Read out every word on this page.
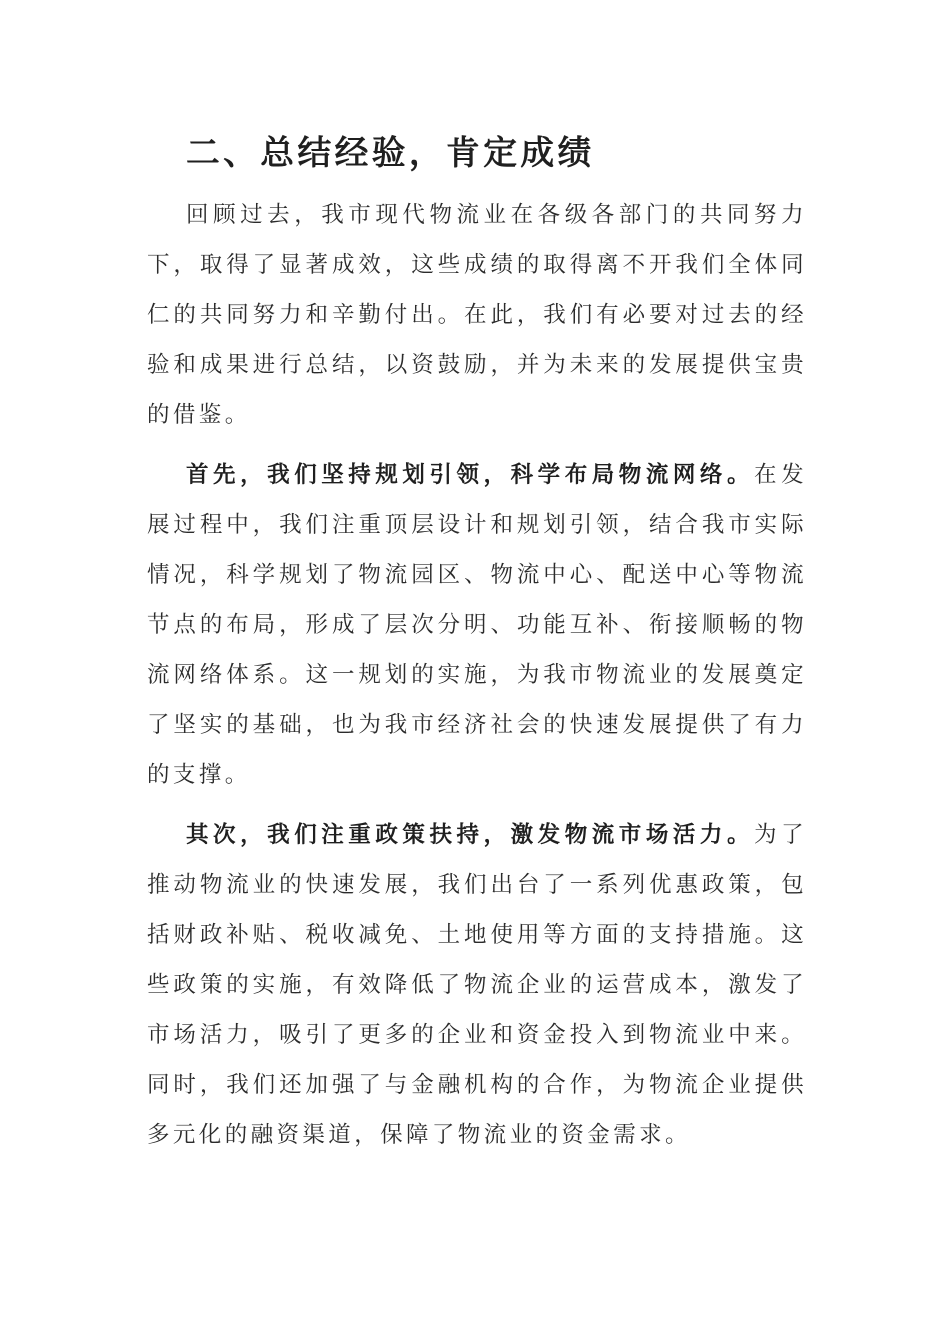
二、总结经验，肯定成绩

回顾过去，我市现代物流业在各级各部门的共同努力下，取得了显著成效，这些成绩的取得离不开我们全体同仁的共同努力和辛勤付出。在此，我们有必要对过去的经验和成果进行总结，以资鼓励，并为未来的发展提供宝贵的借鉴。

首先，我们坚持规划引领，科学布局物流网络。在发展过程中，我们注重顶层设计和规划引领，结合我市实际情况，科学规划了物流园区、物流中心、配送中心等物流节点的布局，形成了层次分明、功能互补、衔接顺畅的物流网络体系。这一规划的实施，为我市物流业的发展奠定了坚实的基础，也为我市经济社会的快速发展提供了有力的支撑。

其次，我们注重政策扶持，激发物流市场活力。为了推动物流业的快速发展，我们出台了一系列优惠政策，包括财政补贴、税收减免、土地使用等方面的支持措施。这些政策的实施，有效降低了物流企业的运营成本，激发了市场活力，吸引了更多的企业和资金投入到物流业中来。同时，我们还加强了与金融机构的合作，为物流企业提供多元化的融资渠道，保障了物流业的资金需求。
